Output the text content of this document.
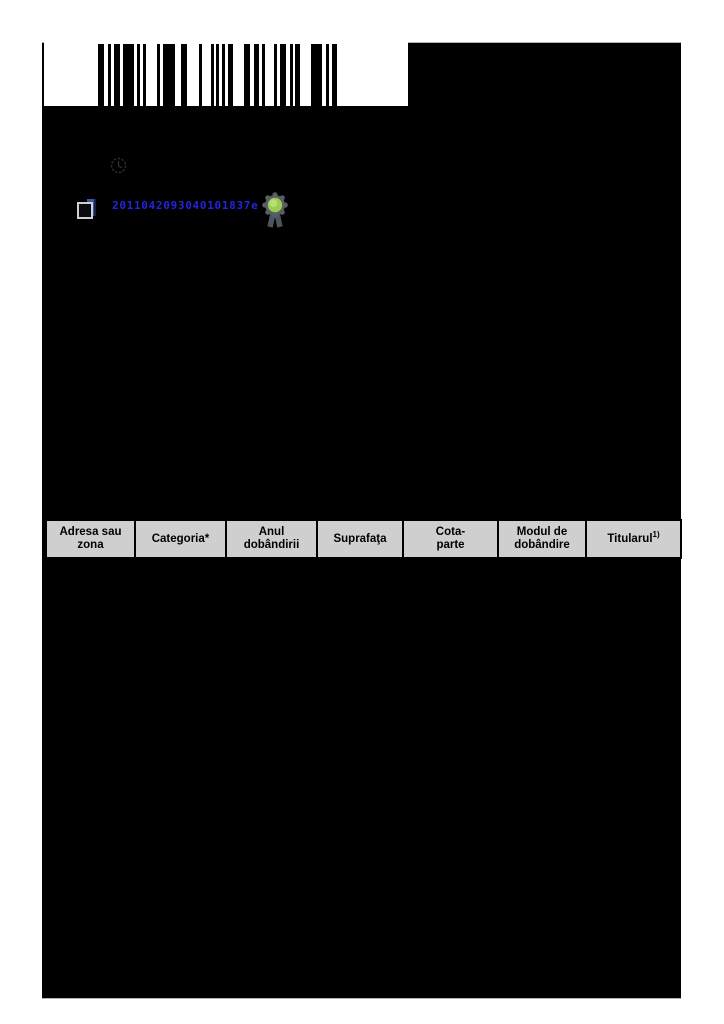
2011042093040101837e
Adresa sau
zona
Categoria*
Anul
dobândirii
Suprafaţa
Cota-
parte
Modul de
dobândire
Titularul$^{1)}$
